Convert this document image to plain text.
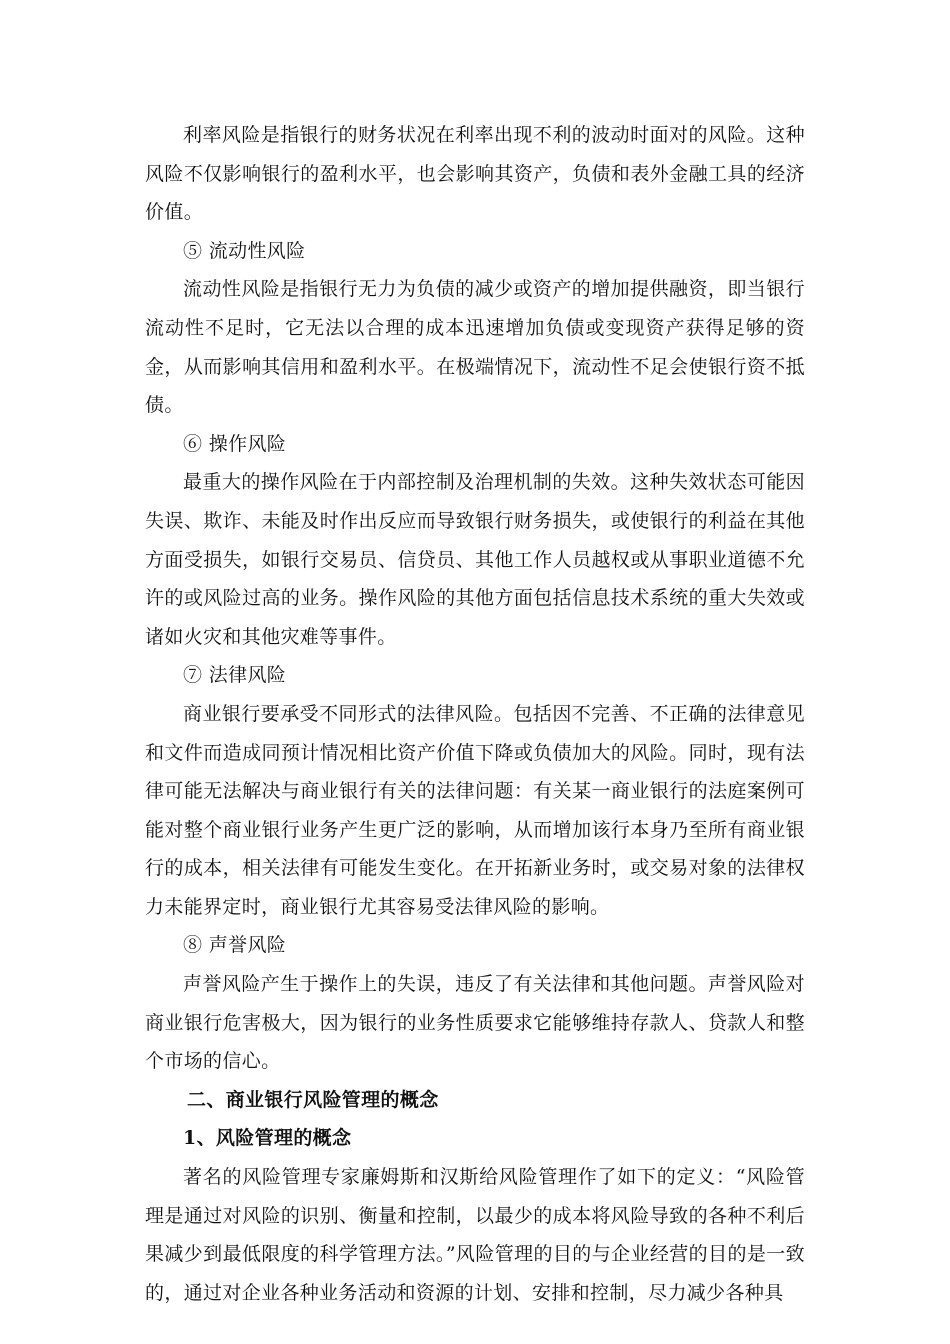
利率风险是指银行的财务状况在利率出现不利的波动时面对的风险。这种风险不仅影响银行的盈利水平，也会影响其资产，负债和表外金融工具的经济价值。

⑤ 流动性风险

流动性风险是指银行无力为负债的减少或资产的增加提供融资，即当银行流动性不足时，它无法以合理的成本迅速增加负债或变现资产获得足够的资金，从而影响其信用和盈利水平。在极端情况下，流动性不足会使银行资不抵债。

⑥ 操作风险

最重大的操作风险在于内部控制及治理机制的失效。这种失效状态可能因失误、欺诈、未能及时作出反应而导致银行财务损失，或使银行的利益在其他方面受损失，如银行交易员、信贷员、其他工作人员越权或从事职业道德不允许的或风险过高的业务。操作风险的其他方面包括信息技术系统的重大失效或诸如火灾和其他灾难等事件。

⑦ 法律风险

商业银行要承受不同形式的法律风险。包括因不完善、不正确的法律意见和文件而造成同预计情况相比资产价值下降或负债加大的风险。同时，现有法律可能无法解决与商业银行有关的法律问题：有关某一商业银行的法庭案例可能对整个商业银行业务产生更广泛的影响，从而增加该行本身乃至所有商业银行的成本，相关法律有可能发生变化。在开拓新业务时，或交易对象的法律权力未能界定时，商业银行尤其容易受法律风险的影响。

⑧ 声誉风险

声誉风险产生于操作上的失误，违反了有关法律和其他问题。声誉风险对商业银行危害极大，因为银行的业务性质要求它能够维持存款人、贷款人和整个市场的信心。

二、商业银行风险管理的概念

1、风险管理的概念

著名的风险管理专家廉姆斯和汉斯给风险管理作了如下的定义：“风险管理是通过对风险的识别、衡量和控制，以最少的成本将风险导致的各种不利后果减少到最低限度的科学管理方法。”风险管理的目的与企业经营的目的是一致的，通过对企业各种业务活动和资源的计划、安排和控制，尽力减少各种具
